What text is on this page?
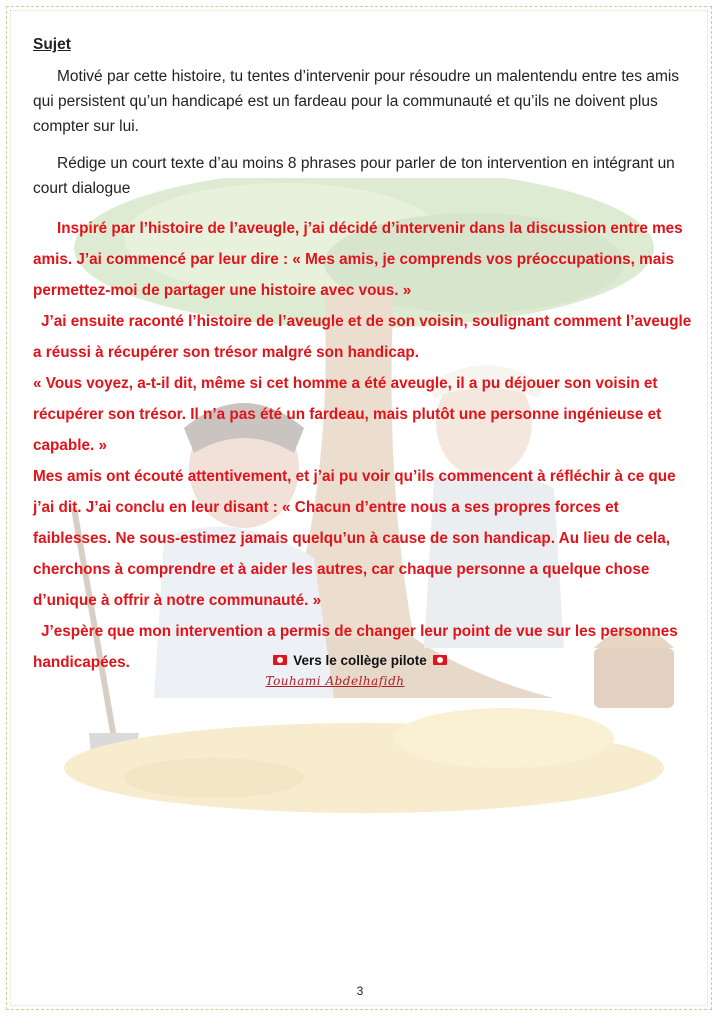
Sujet

Motivé par cette histoire, tu tentes d’intervenir pour résoudre un malentendu entre tes amis qui persistent qu’un handicapé est un fardeau pour la communauté et qu’ils ne doivent plus compter sur lui.

Rédige un court texte d’au moins 8 phrases pour parler de ton intervention en intégrant un court dialogue

Inspiré par l’histoire de l’aveugle, j’ai décidé d’intervenir dans la discussion entre mes amis. J’ai commencé par leur dire : « Mes amis, je comprends vos préoccupations, mais permettez-moi de partager une histoire avec vous. »

J’ai ensuite raconté l’histoire de l’aveugle et de son voisin, soulignant comment l’aveugle a réussi à récupérer son trésor malgré son handicap.

« Vous voyez, a-t-il dit, même si cet homme a été aveugle, il a pu déjouer son voisin et récupérer son trésor. Il n’a pas été un fardeau, mais plutôt une personne ingénieuse et capable. »

Mes amis ont écouté attentivement, et j’ai pu voir qu’ils commencent à réfléchir à ce que j’ai dit. J’ai conclu en leur disant : « Chacun d’entre nous a ses propres forces et faiblesses. Ne sous-estimez jamais quelqu’un à cause de son handicap. Au lieu de cela, cherchons à comprendre et à aider les autres, car chaque personne a quelque chose d’unique à offrir à notre communauté. »

J’espère que mon intervention a permis de changer leur point de vue sur les personnes handicapées.	Vers le collège pilote
Touhami Abdelhafidh
3
